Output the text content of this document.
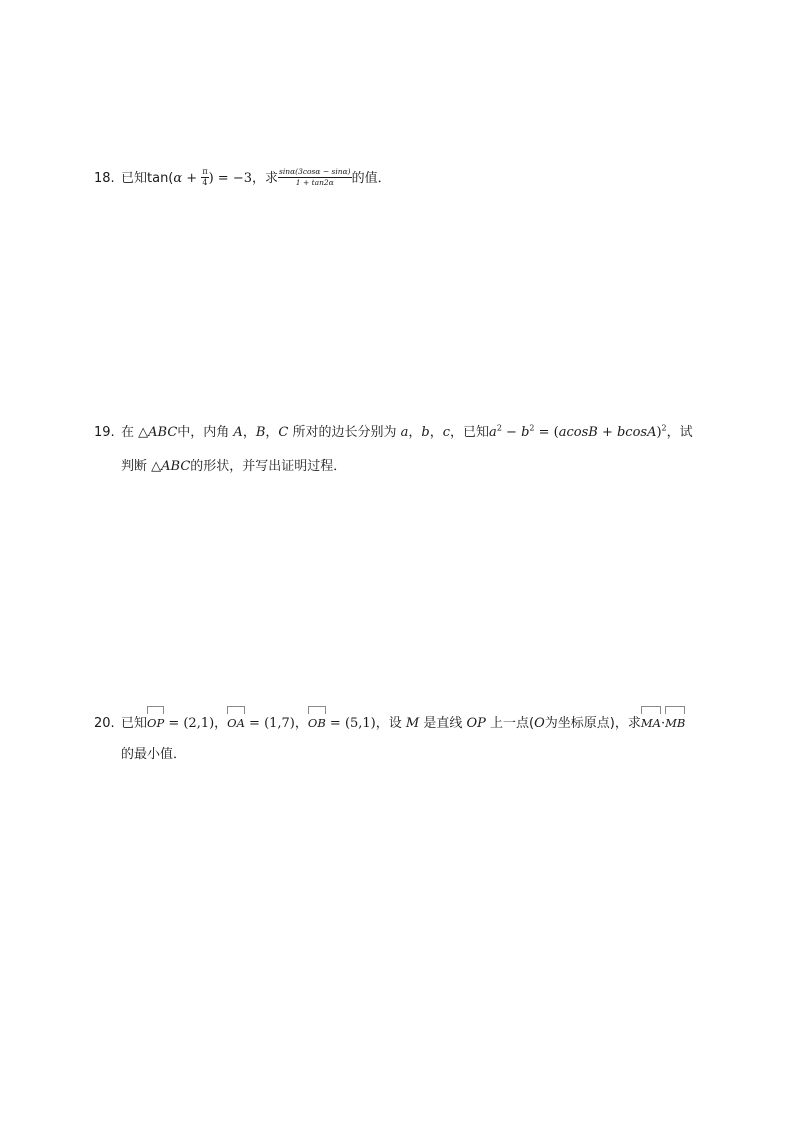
18. 已知$\tan(\alpha + \frac{\pi}{4}$ ) = −3，求 $\frac{\sin\alpha(3\cos\alpha - \sin\alpha)}{1 + \tan 2\alpha}$ 的值．
19. 在 △ABC中，内角 A，B，C 所对的边长分别为 a，b，c，已知$a^2 - b^2 = (acosB + bcosA)^2$，试
判断 △ABC的形状，并写出证明过程．
20. 已知
OP = (2,1)，
OA = (1,7)，
OB = (5,1)，设 M 是直线 OP 上一点(O为坐标原点)，求
MA·
MB
的最小值．
